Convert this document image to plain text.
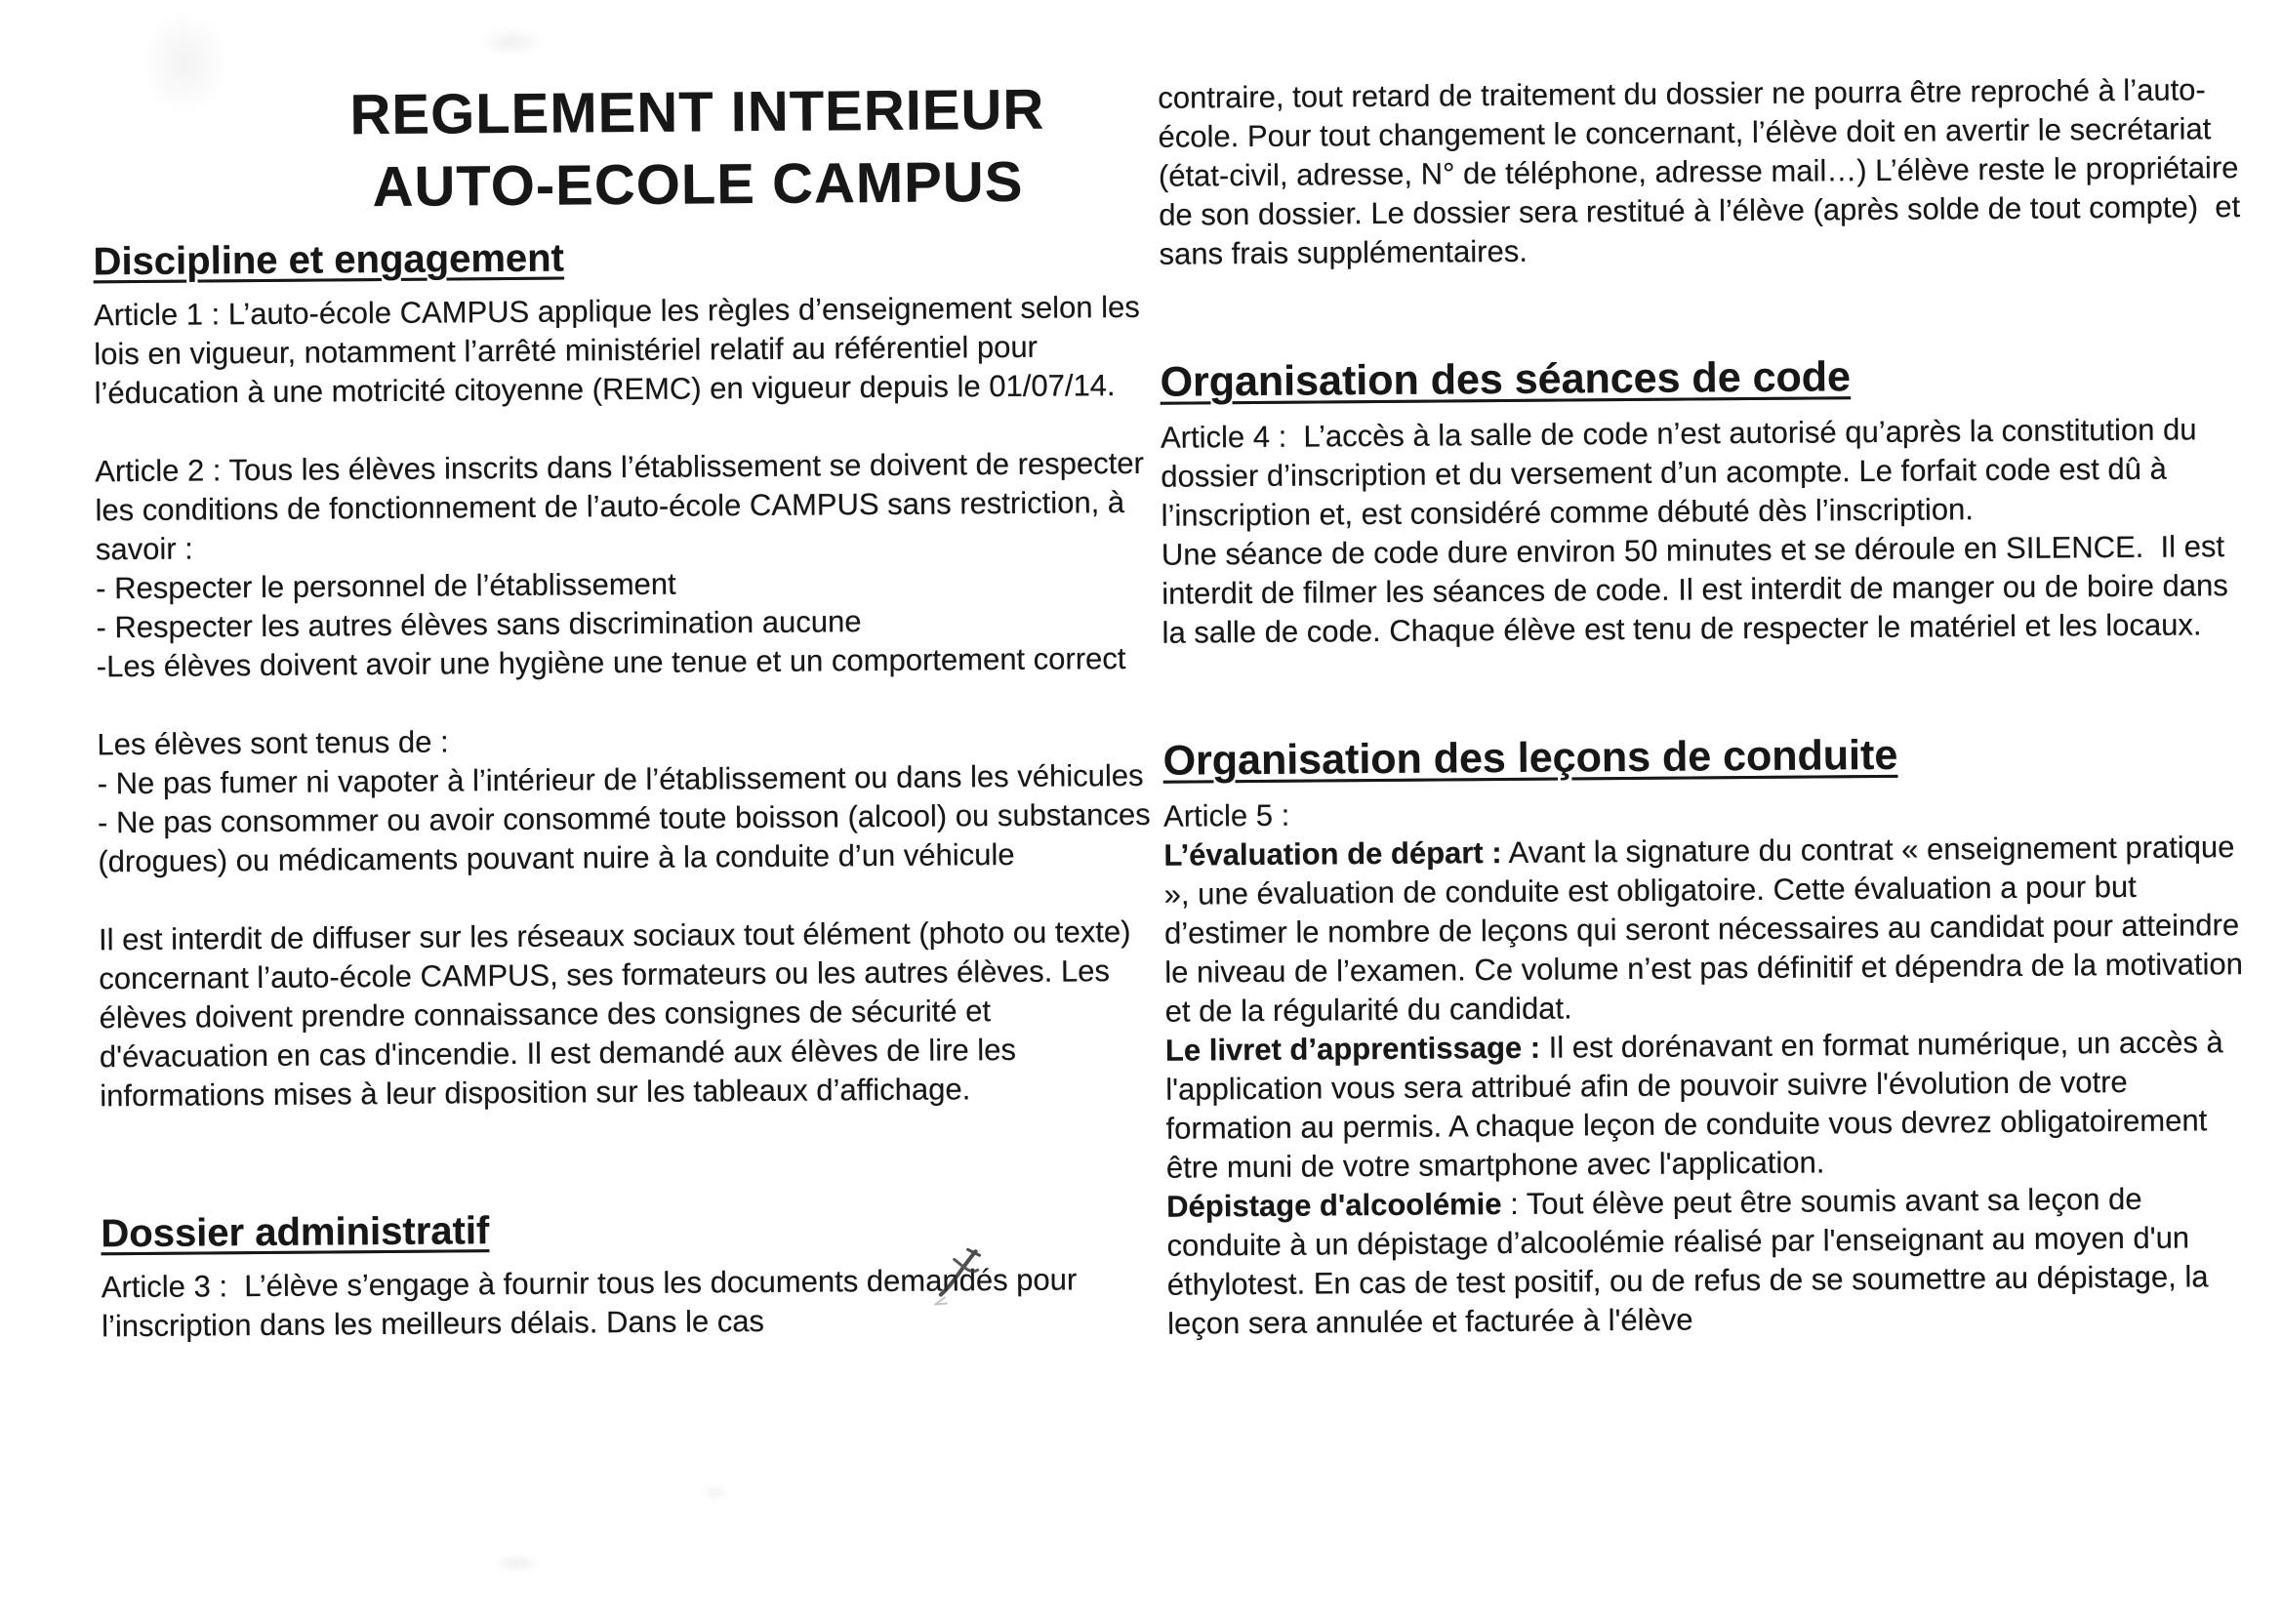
REGLEMENT INTERIEUR
AUTO-ECOLE CAMPUS
Discipline et engagement

Article 1 : L’auto-école CAMPUS applique les règles d’enseignement selon les lois en vigueur, notamment l’arrêté ministériel relatif au référentiel pour l’éducation à une motricité citoyenne (REMC) en vigueur depuis le 01/07/14.

Article 2 : Tous les élèves inscrits dans l’établissement se doivent de respecter les conditions de fonctionnement de l’auto-école CAMPUS sans restriction, à savoir :

- Respecter le personnel de l’établissement

- Respecter les autres élèves sans discrimination aucune

-Les élèves doivent avoir une hygiène une tenue et un comportement correct

Les élèves sont tenus de :

- Ne pas fumer ni vapoter à l’intérieur de l’établissement ou dans les véhicules

- Ne pas consommer ou avoir consommé toute boisson (alcool) ou substances (drogues) ou médicaments pouvant nuire à la conduite d’un véhicule

Il est interdit de diffuser sur les réseaux sociaux tout élément (photo ou texte) concernant l’auto-école CAMPUS, ses formateurs ou les autres élèves. Les élèves doivent prendre connaissance des consignes de sécurité et d'évacuation en cas d'incendie. Il est demandé aux élèves de lire les informations mises à leur disposition sur les tableaux d’affichage.

Dossier administratif

Article 3 :  L’élève s’engage à fournir tous les documents demandés pour l’inscription dans les meilleurs délais. Dans le cas

contraire, tout retard de traitement du dossier ne pourra être reproché à l’auto-école. Pour tout changement le concernant, l’élève doit en avertir le secrétariat (état-civil, adresse, N° de téléphone, adresse mail…) L’élève reste le propriétaire de son dossier. Le dossier sera restitué à l’élève (après solde de tout compte)  et sans frais supplémentaires.

Organisation des séances de code

Article 4 :  L’accès à la salle de code n’est autorisé qu’après la constitution du dossier d’inscription et du versement d’un acompte. Le forfait code est dû à l’inscription et, est considéré comme débuté dès l’inscription.

Une séance de code dure environ 50 minutes et se déroule en SILENCE.  Il est interdit de filmer les séances de code. Il est interdit de manger ou de boire dans la salle de code. Chaque élève est tenu de respecter le matériel et les locaux.

Organisation des leçons de conduite

Article 5 :

L’évaluation de départ : Avant la signature du contrat « enseignement pratique », une évaluation de conduite est obligatoire. Cette évaluation a pour but d’estimer le nombre de leçons qui seront nécessaires au candidat pour atteindre le niveau de l’examen. Ce volume n’est pas définitif et dépendra de la motivation et de la régularité du candidat.

Le livret d’apprentissage : Il est dorénavant en format numérique, un accès à l'application vous sera attribué afin de pouvoir suivre l'évolution de votre formation au permis. A chaque leçon de conduite vous devrez obligatoirement être muni de votre smartphone avec l'application.

Dépistage d'alcoolémie : Tout élève peut être soumis avant sa leçon de conduite à un dépistage d’alcoolémie réalisé par l'enseignant au moyen d'un éthylotest. En cas de test positif, ou de refus de se soumettre au dépistage, la leçon sera annulée et facturée à l'élève
